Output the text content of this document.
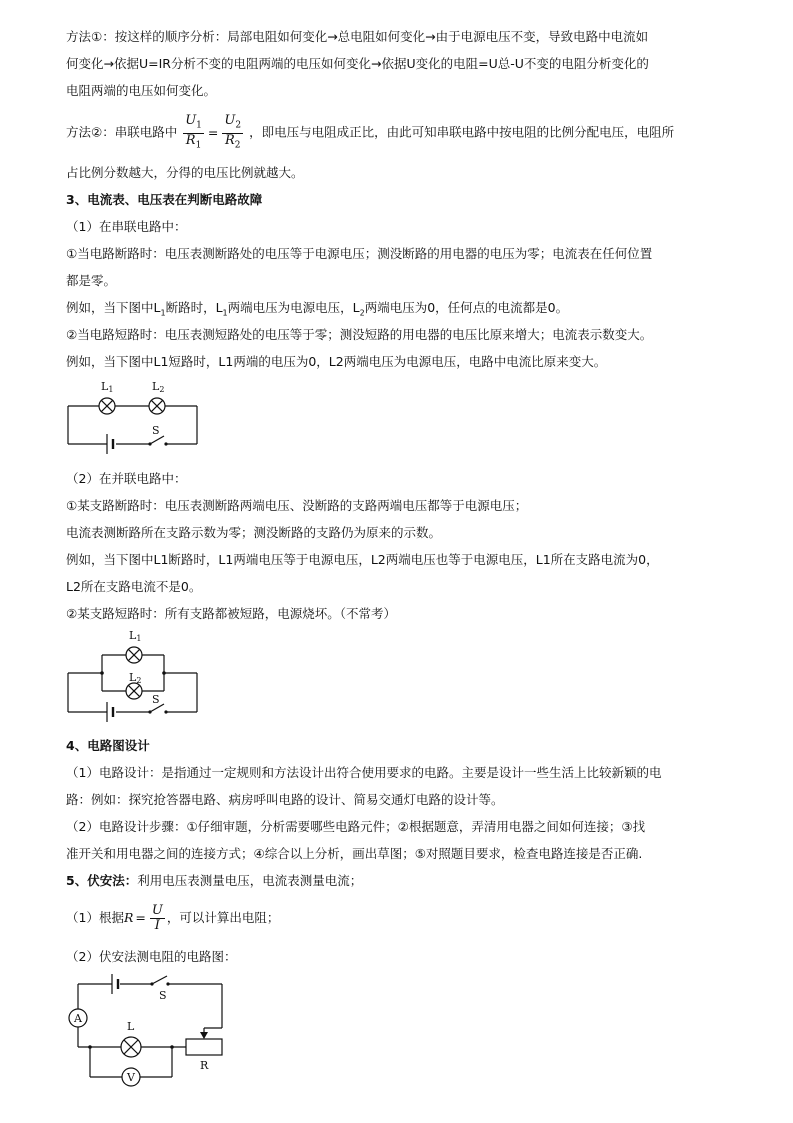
方法①：按这样的顺序分析：局部电阻如何变化→总电阻如何变化→由于电源电压不变，导致电路中电流如
何变化→依据U=IR分析不变的电阻两端的电压如何变化→依据U变化的电阻=U总-U不变的电阻分析变化的
电阻两端的电压如何变化。
方法②：串联电路中 $\frac{U_1}{R_1} = \frac{U_2}{R_2}$ ，即电压与电阻成正比，由此可知串联电路中按电阻的比例分配电压，电阻所
占比例分数越大，分得的电压比例就越大。
3、电流表、电压表在判断电路故障
（1）在串联电路中：
①当电路断路时：电压表测断路处的电压等于电源电压；测没断路的用电器的电压为零；电流表在任何位置
都是零。
例如，当下图中$L_1$断路时，$L_1$两端电压为电源电压，$L_2$两端电压为0，任何点的电流都是0。
②当电路短路时：电压表测短路处的电压等于零；测没短路的用电器的电压比原来增大；电流表示数变大。
例如，当下图中L1短路时，L1两端的电压为0，L2两端电压为电源电压，电路中电流比原来变大。
L1	L2
S
（2）在并联电路中：
①某支路断路时：电压表测断路两端电压、没断路的支路两端电压都等于电源电压；
电流表测断路所在支路示数为零；测没断路的支路仍为原来的示数。
例如，当下图中L1断路时，L1两端电压等于电源电压，L2两端电压也等于电源电压，L1所在支路电流为0，
L2所在支路电流不是0。
②某支路短路时：所有支路都被短路，电源烧坏。（不常考）
L1
L2
S
4、电路图设计
（1）电路设计：是指通过一定规则和方法设计出符合使用要求的电路。主要是设计一些生活上比较新颖的电
路：例如：探究抢答器电路、病房呼叫电路的设计、简易交通灯电路的设计等。
（2）电路设计步骤：①仔细审题，分析需要哪些电路元件；②根据题意，弄清用电器之间如何连接；③找
准开关和用电器之间的连接方式；④综合以上分析，画出草图；⑤对照题目要求，检查电路连接是否正确.
5、伏安法：利用电压表测量电压，电流表测量电流；
（1）根据$R = \frac{U}{I}$ ，可以计算出电阻；
（2）伏安法测电阻的电路图：
A
L
S
V
R
